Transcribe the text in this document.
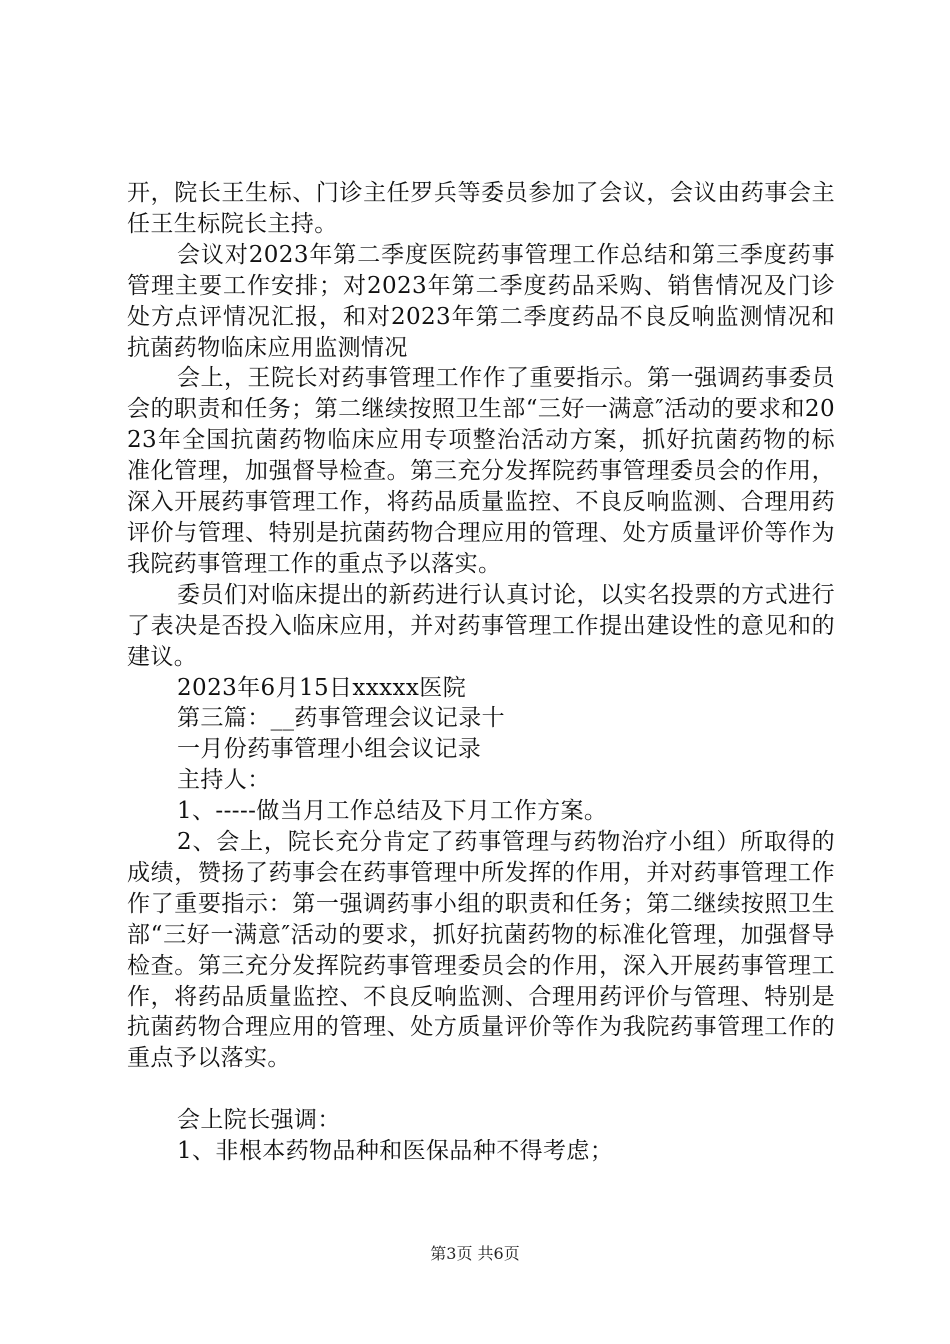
开，院长王生标、门诊主任罗兵等委员参加了会议，会议由药事会主任王生标院长主持。

会议对2023年第二季度医院药事管理工作总结和第三季度药事管理主要工作安排；对2023年第二季度药品采购、销售情况及门诊处方点评情况汇报，和对2023年第二季度药品不良反响监测情况和抗菌药物临床应用监测情况

会上，王院长对药事管理工作作了重要指示。第一强调药事委员会的职责和任务；第二继续按照卫生部“三好一满意″活动的要求和2023年全国抗菌药物临床应用专项整治活动方案，抓好抗菌药物的标准化管理，加强督导检查。第三充分发挥院药事管理委员会的作用，深入开展药事管理工作，将药品质量监控、不良反响监测、合理用药评价与管理、特别是抗菌药物合理应用的管理、处方质量评价等作为我院药事管理工作的重点予以落实。

委员们对临床提出的新药进行认真讨论，以实名投票的方式进行了表决是否投入临床应用，并对药事管理工作提出建设性的意见和的建议。

2023年6月15日xxxxx医院

第三篇：__药事管理会议记录十

一月份药事管理小组会议记录

主持人：

1、-----做当月工作总结及下月工作方案。

2、会上，院长充分肯定了药事管理与药物治疗小组）所取得的成绩，赞扬了药事会在药事管理中所发挥的作用，并对药事管理工作作了重要指示：第一强调药事小组的职责和任务；第二继续按照卫生部“三好一满意″活动的要求，抓好抗菌药物的标准化管理，加强督导检查。第三充分发挥院药事管理委员会的作用，深入开展药事管理工作，将药品质量监控、不良反响监测、合理用药评价与管理、特别是抗菌药物合理应用的管理、处方质量评价等作为我院药事管理工作的重点予以落实。

会上院长强调：

1、非根本药物品种和医保品种不得考虑；

第3页 共6页
